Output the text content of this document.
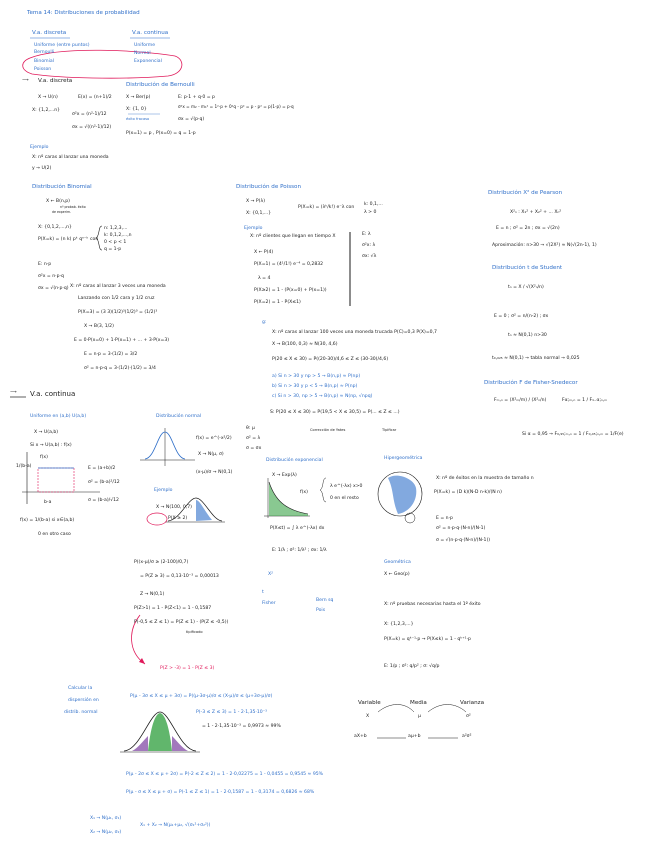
Tema 14: Distribuciones de probabilidad
V.a. discreta	V.a. continua
Uniforme (entre puntos)
Bernoulli
Binomial
Poisson
Uniforme
Normal
Exponencial
⟶ V.a. discreta
X → U(n)
X: {1,2,...n}
E(x) = (n+1)/2
σ²x = (n²-1)/12
σx = √((n²-1)/12)
Distribución de Bernoulli
X → Ber(p)
X: {1, 0}
éxito fracaso
E: p·1 + q·0 = p
σ²x = m₂ - m₁² = 1²·p + 0²q - p² = p - p² = p(1-p) = p·q
σx = √(p·q)
P(x=1) = p , P(x=0) = q = 1-p
Ejemplo
X: nº caras al lanzar una moneda
y → U(2)
Distribución Binomial
X ← B(n,p)
nº probab. éxito
de experim.
X: {0,1,2,...,n}
P(X=k) = (n k) pᵏ qⁿ⁻ᵏ con
n: 1,2,3,...
k: 0,1,2,...,n
0 < p < 1
q = 1-p
E: n·p
σ²x = n·p·q
σx = √(n·p·q) X: nº caras al lanzar 3 veces una moneda
Lanzando con 1/2 cara y 1/2 cruz
P(X=3) = (3 3)(1/2)³(1/2)⁰ = (1/2)³
X → B(3, 1/2)
E = 0·P(x=0) + 1·P(x=1) + ... + 3·P(x=3)
E = n·p = 3·(1/2) = 3/2
σ² = n·p·q = 3·(1/2)·(1/2) = 3/4
Distribución de Poisson
X → P(λ)
X: {0,1,...}
P(X=k) = (λᵏ/k!) e⁻λ con
k: 0,1,...
λ > 0
Ejemplo
X: nº clientes que llegan en tiempo X
X ← P(4)
P(X=1) = (4¹/1!) e⁻⁴ = 0,2832
λ = 4
P(X≥2) = 1 - (P(x=0) + P(x=1))
P(X=2) = 1 - P(X≤1)
E: λ
σ²x: λ
σx: √λ
g:
X: nº caras al lanzar 100 veces una moneda trucada P(C)=0,3 P(X)=0,7
X → B(100, 0,3) ≈ N(30, 4,6)
P(20 ≤ X ≤ 30) = P((20-30)/4,6 ≤ Z ≤ (30-30)/4,6)
a) Si n > 30 y np > 5 → B(n,p) ≈ P(np)
b) Si n > 30 y p < 5 → B(n,p) ≈ P(np)
c) Si n > 30, np > 5 → B(n,p) ≈ N(np, √npq)
S: P(20 ≤ X ≤ 30) = P(19,5 < X ≤ 30,5) = P(... ≤ Z ≤ ...)
Corrección de Yates	Tipificar
Distribución X² de Pearson
X²ₙ : X₁² + X₂² + ... Xₙ²
E = n ; σ² = 2n ; σx = √(2n)
Aproximación: n>30 → √(2X²) ≈ N(√(2n-1), 1)
Distribución t de Student
tₙ = X / √(X²ₙ/n)
E = 0 ; σ² = n/(n-2) ; σx
tₙ ≈ N(0,1) n>30
t₀,₀₂₅ ≈ N(0,1) → tabla normal → 0,025
Distribución F de Fisher-Snedecor
Fₘ,ₙ = (X²ₘ/m) / (X²ₙ/n)	Fα;ₘ,ₙ = 1 / F₁₋α;ₙ,ₘ
Si α = 0,95 → F₀,₉₅;ₘ,ₙ = 1 / F₀,₀₅;ₙ,ₘ = 1/F(e)
⟶ V.a. continua
Uniforme en (a,b) U(a,b)
X → U(a,b)
Si x → U(a,b) : f(x)
f(x)
1/(b-a)
b-a
E = (a+b)/2
σ² = (b-a)²/12
σ = (b-a)/√12
f(x) = 1/(b-a) si x∈(a,b)
0 en otro caso
Distribución normal
f(x) = e^(-x²/2)
X → N(μ, σ)
(x-μ)/σ → N(0,1)
Ejemplo
X → N(100, 0,7)
P(X ≥ 2)
P((x-μ)/σ ≥ (2-100)/0,7)
= P(Z ≥ 3) = 0,13·10⁻³ = 0,00013
Z → N(0,1)
P(Z>1) = 1 - P(Z<1) = 1 - 0,1587
P(-0,5 ≤ Z ≤ 1) = P(Z ≤ 1) - (P(Z ≤ -0,5))
tipificado
P(Z > -3) = 1 - P(Z ≤ 3)
θ: μ
σ² = λ
σ = σx
Distribución exponencial
X → Exp(λ)
f(x)
λ e^(-λx) x>0
0 en el resto
P(X≤t) = ∫ λ e^(-λx) dx
E: 1/λ ; σ²: 1/λ² ; σx: 1/λ
Hipergeométrica
X: nº de éxitos en la muestra de tamaño n
P(X=k) = (D k)(N-D n-k)/(N n)
E = n·p
σ² = n·p·q·(N-n)/(N-1)
σ = √(n·p·q·(N-n)/(N-1))
Geométrica
X ← Geo(p)
X: nº pruebas necesarias hasta el 1º éxito
X: {1,2,3,...}
P(X=k) = qᵏ⁻¹·p → P(X≤k) = 1 - qᵏ⁺¹·p
E: 1/p ; σ²: q/p² ; σ: √q/p
X²
t
Fisher
Bern sq
Pois
Calcular la
dispersión en
distrib. normal
P(μ - 3σ ≤ X ≤ μ + 3σ) = P((μ-3σ-μ)/σ ≤ (X-μ)/σ ≤ (μ+3σ-μ)/σ)
P(-3 ≤ Z ≤ 3) = 1 - 2·1,35·10⁻³
= 1 - 2·1,35·10⁻³ = 0,9973 ≈ 99%
P(μ - 2σ ≤ X ≤ μ + 2σ) = P(-2 ≤ Z ≤ 2) = 1 - 2·0,02275 = 1 - 0,0455 = 0,9545 ≈ 95%
P(μ - σ ≤ X ≤ μ + σ) = P(-1 ≤ Z ≤ 1) = 1 - 2·0,1587 = 1 - 0,3174 = 0,6826 ≈ 68%
X₁ → N(μ₁, σ₁)
X₂ → N(μ₂, σ₂)
X₁ + X₂ → N(μ₁+μ₂, √(σ₁²+σ₂²))
Variable	Media	Varianza
X	μ	σ²
aX+b	aμ+b	a²σ²
